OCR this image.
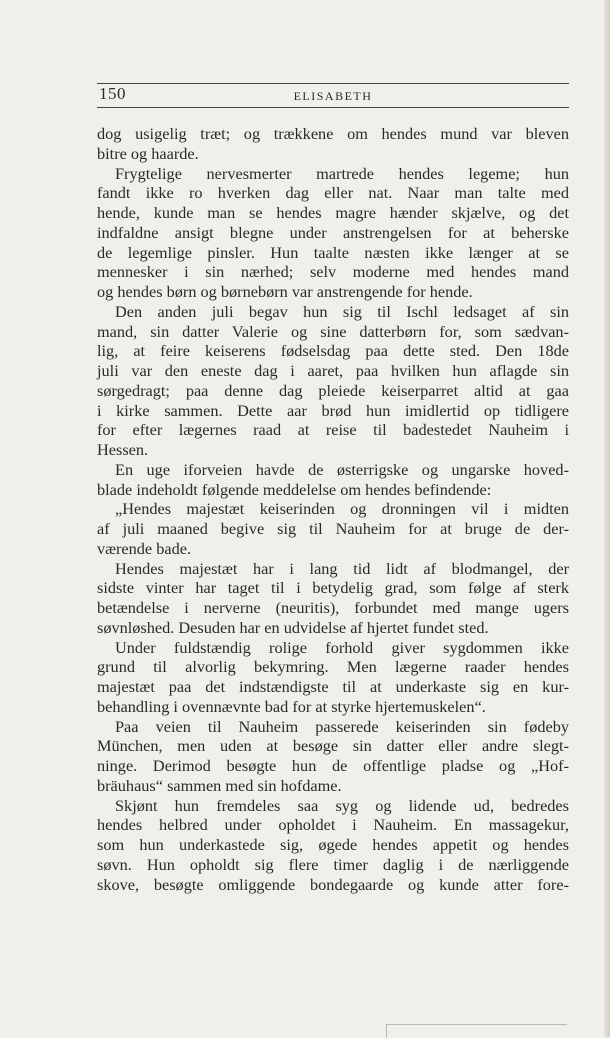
150	ELISABETH
dog usigelig træt; og trækkene om hendes mund var bleven
bitre og haarde.
Frygtelige nervesmerter martrede hendes legeme; hun
fandt ikke ro hverken dag eller nat. Naar man talte med
hende, kunde man se hendes magre hænder skjælve, og det
indfaldne ansigt blegne under anstrengelsen for at beherske
de legemlige pinsler. Hun taalte næsten ikke længer at se
mennesker i sin nærhed; selv moderne med hendes mand
og hendes børn og børnebørn var anstrengende for hende.
Den anden juli begav hun sig til Ischl ledsaget af sin
mand, sin datter Valerie og sine datterbørn for, som sædvan-
lig, at feire keiserens fødselsdag paa dette sted. Den 18de
juli var den eneste dag i aaret, paa hvilken hun aflagde sin
sørgedragt; paa denne dag pleiede keiserparret altid at gaa
i kirke sammen. Dette aar brød hun imidlertid op tidligere
for efter lægernes raad at reise til badestedet Nauheim i
Hessen.
En uge iforveien havde de østerrigske og ungarske hoved-
blade indeholdt følgende meddelelse om hendes befindende:
„Hendes majestæt keiserinden og dronningen vil i midten
af juli maaned begive sig til Nauheim for at bruge de der-
værende bade.
Hendes majestæt har i lang tid lidt af blodmangel, der
sidste vinter har taget til i betydelig grad, som følge af sterk
betændelse i nerverne (neuritis), forbundet med mange ugers
søvnløshed. Desuden har en udvidelse af hjertet fundet sted.
Under fuldstændig rolige forhold giver sygdommen ikke
grund til alvorlig bekymring. Men lægerne raader hendes
majestæt paa det indstændigste til at underkaste sig en kur-
behandling i ovennævnte bad for at styrke hjertemuskelen“.
Paa veien til Nauheim passerede keiserinden sin fødeby
München, men uden at besøge sin datter eller andre slegt-
ninge. Derimod besøgte hun de offentlige pladse og „Hof-
bräuhaus“ sammen med sin hofdame.
Skjønt hun fremdeles saa syg og lidende ud, bedredes
hendes helbred under opholdet i Nauheim. En massagekur,
som hun underkastede sig, øgede hendes appetit og hendes
søvn. Hun opholdt sig flere timer daglig i de nærliggende
skove, besøgte omliggende bondegaarde og kunde atter fore-
